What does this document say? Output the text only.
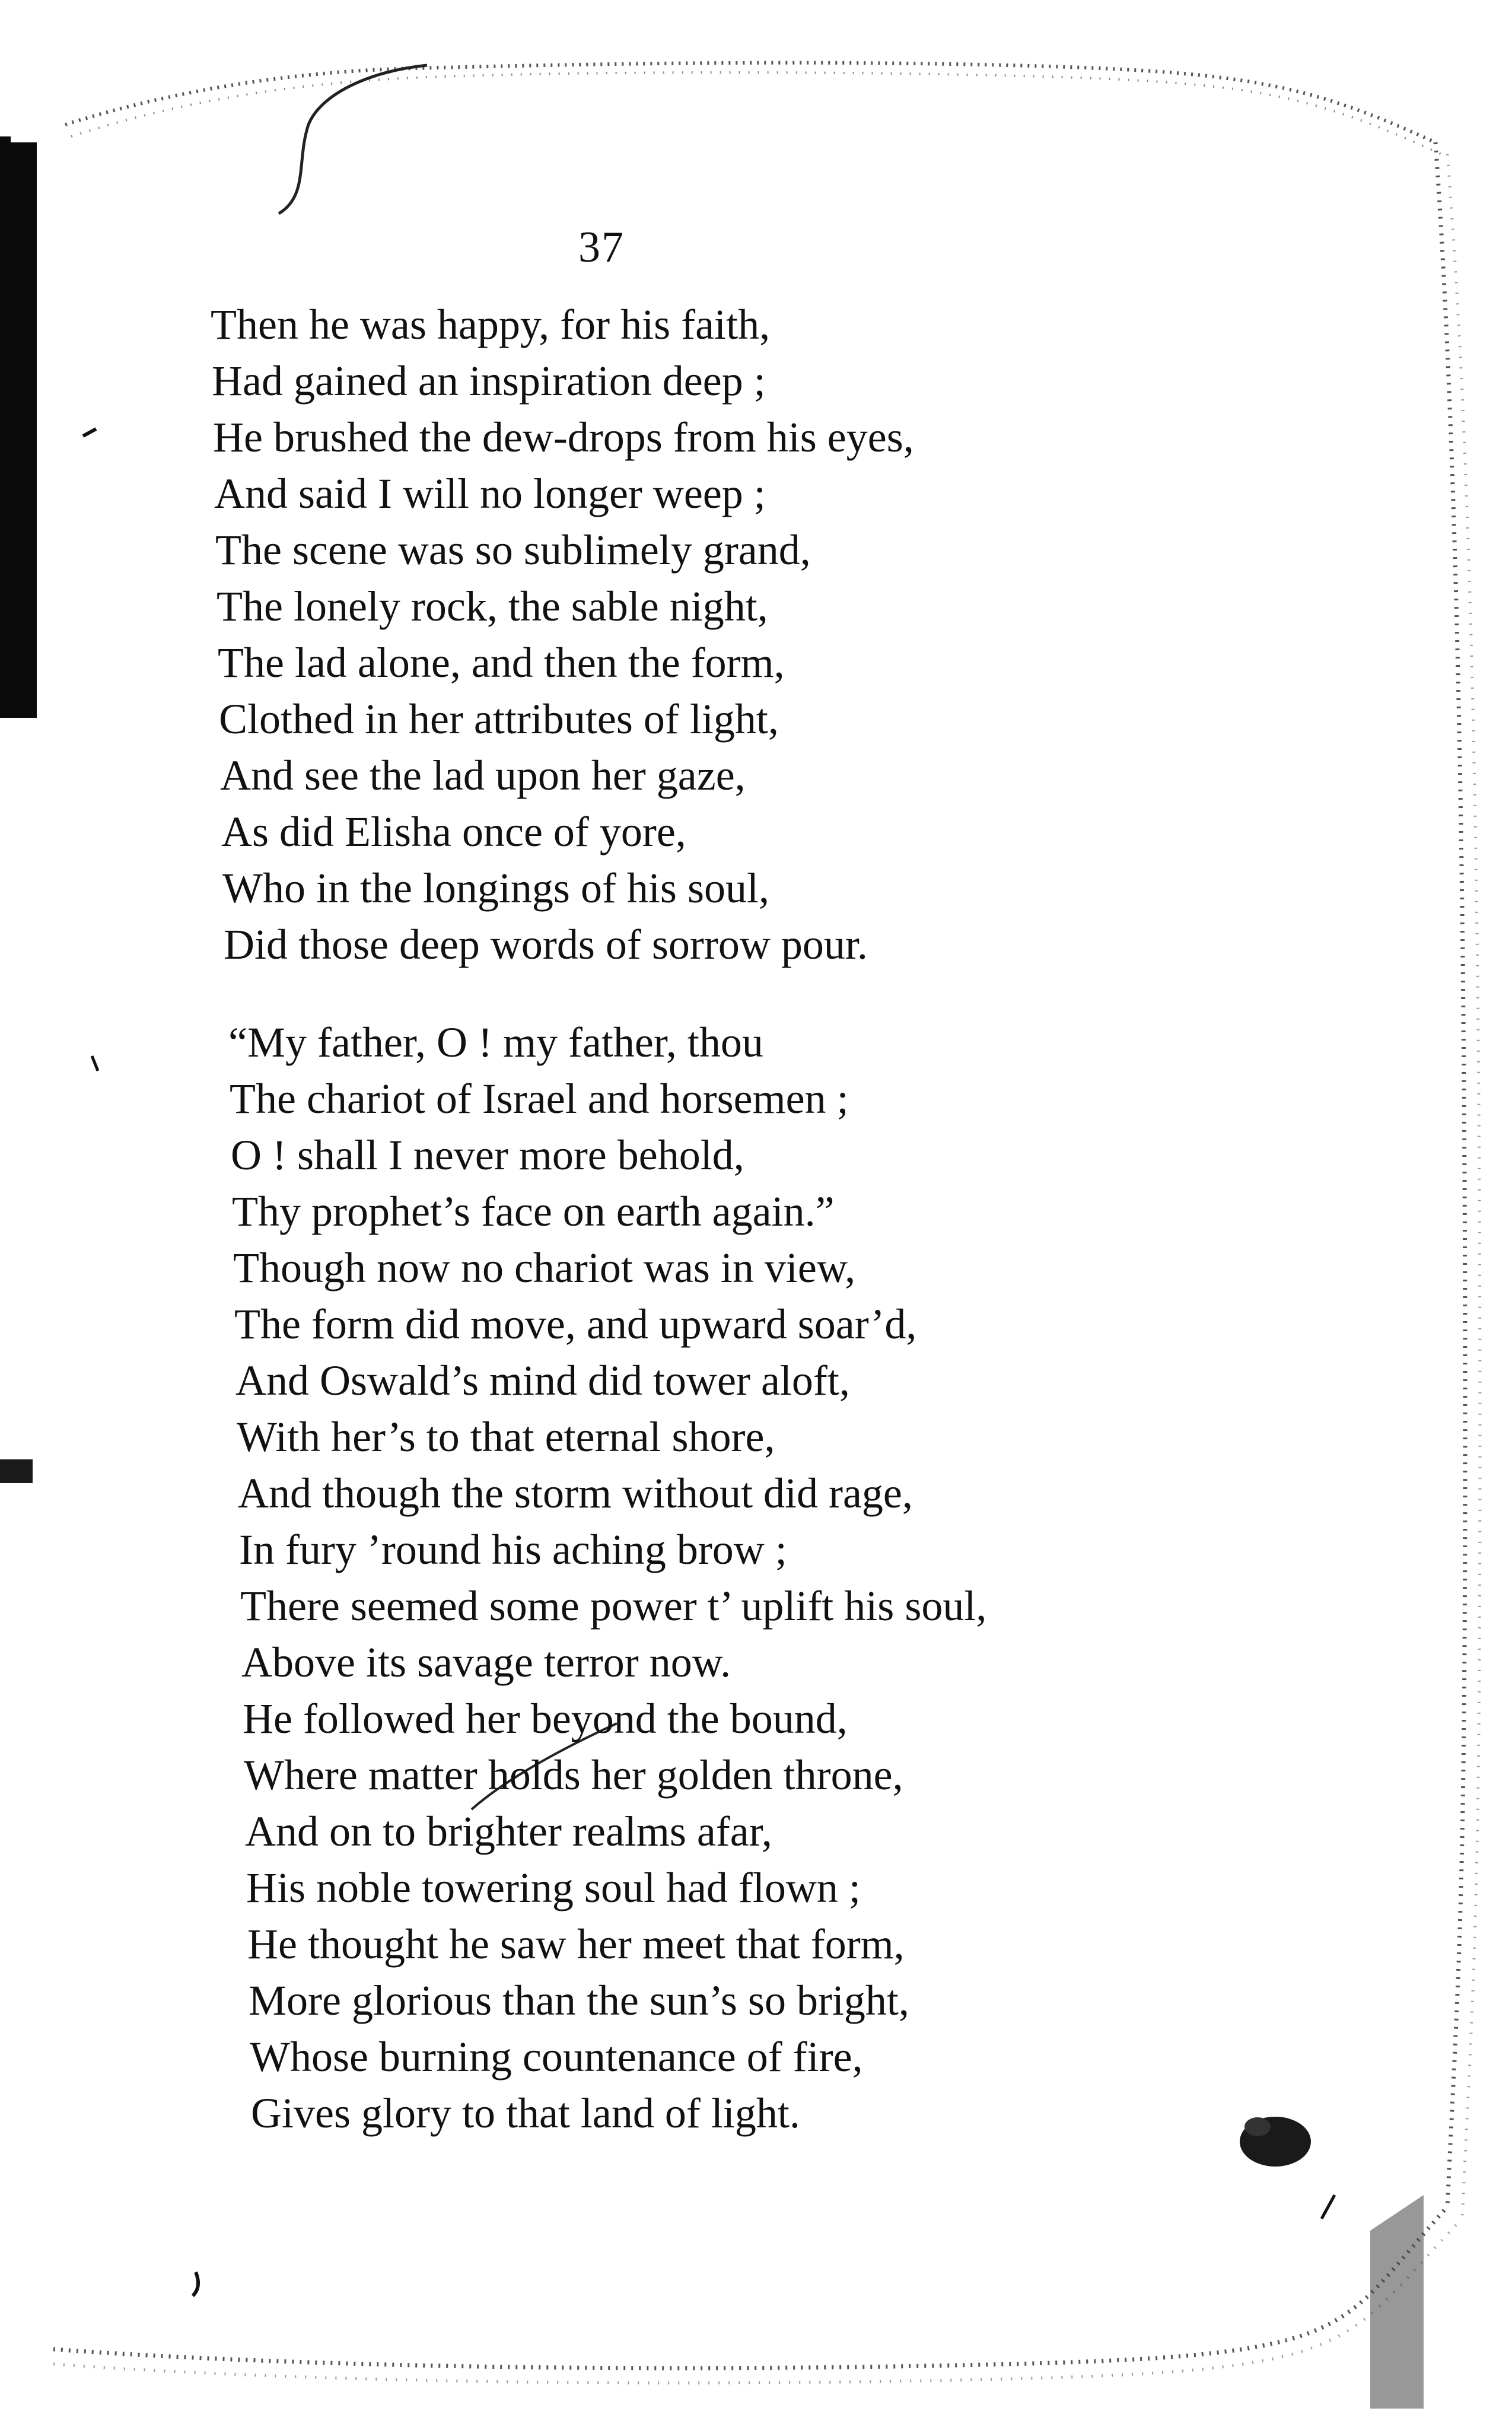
37
Then he was happy, for his faith,
Had gained an inspiration deep ;
He brushed the dew-drops from his eyes,
And said I will no longer weep ;
The scene was so sublimely grand,
The lonely rock, the sable night,
The lad alone, and then the form,
Clothed in her attributes of light,
And see the lad upon her gaze,
As did Elisha once of yore,
Who in the longings of his soul,
Did those deep words of sorrow pour.
“My father, O ! my father, thou
The chariot of Israel and horsemen ;
O ! shall I never more behold,
Thy prophet’s face on earth again.”
Though now no chariot was in view,
The form did move, and upward soar’d,
And Oswald’s mind did tower aloft,
With her’s to that eternal shore,
And though the storm without did rage,
In fury ’round his aching brow ;
There seemed some power t’ uplift his soul,
Above its savage terror now.
He followed her beyond the bound,
Where matter holds her golden throne,
And on to brighter realms afar,
His noble towering soul had flown ;
He thought he saw her meet that form,
More glorious than the sun’s so bright,
Whose burning countenance of fire,
Gives glory to that land of light.
